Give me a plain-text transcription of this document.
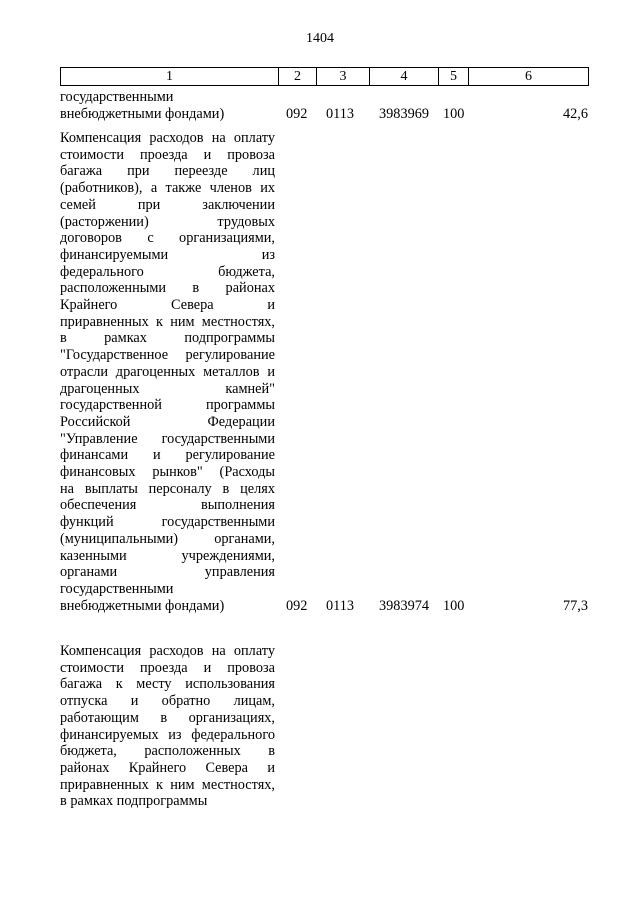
1404
1	2	3	4	5	6
государственными
внебюджетными фондами)	092 0113 3983969 100	42,6
Компенсация расходов на оплату
стоимости проезда и провоза
багажа при переезде лиц
(работников), а также членов их
семей при заключении
(расторжении) трудовых
договоров с организациями,
финансируемыми из
федерального бюджета,
расположенными в районах
Крайнего Севера и
приравненных к ним местностях,
в рамках подпрограммы
"Государственное регулирование
отрасли драгоценных металлов и
драгоценных камней"
государственной программы
Российской Федерации
"Управление государственными
финансами и регулирование
финансовых рынков" (Расходы
на выплаты персоналу в целях
обеспечения выполнения
функций государственными
(муниципальными) органами,
казенными учреждениями,
органами управления
государственными
внебюджетными фондами)	092 0113 3983974 100	77,3
Компенсация расходов на оплату
стоимости проезда и провоза
багажа к месту использования
отпуска и обратно лицам,
работающим в организациях,
финансируемых из федерального
бюджета, расположенных в
районах Крайнего Севера и
приравненных к ним местностях,
в рамках подпрограммы
